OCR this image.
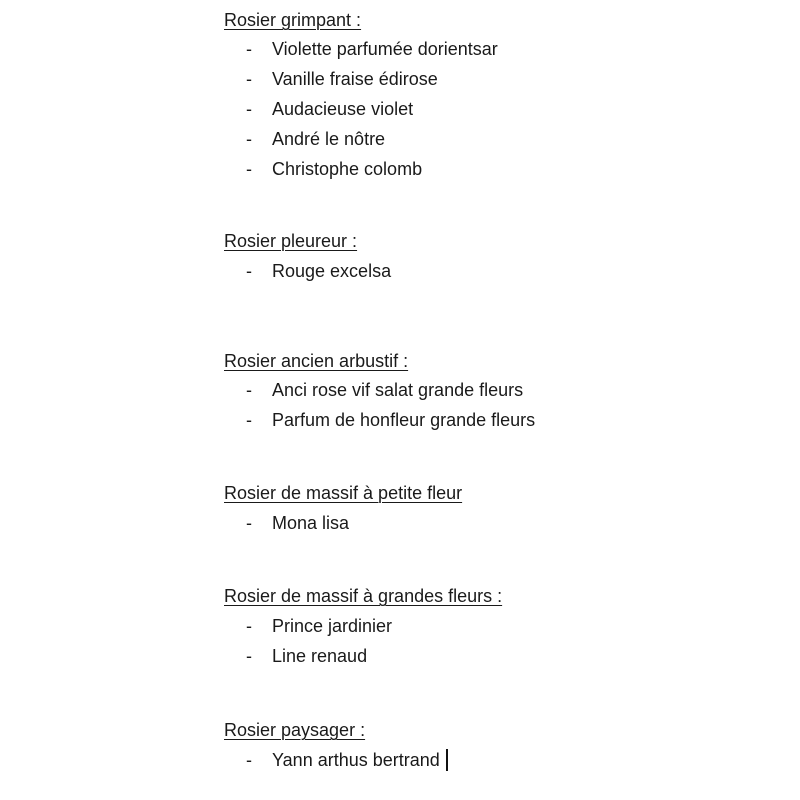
Rosier grimpant :
- Violette parfumée dorientsar
- Vanille fraise édirose
- Audacieuse violet
- André le nôtre
- Christophe colomb
Rosier pleureur :
- Rouge excelsa
Rosier ancien arbustif :
- Anci rose vif salat grande fleurs
- Parfum de honfleur grande fleurs
Rosier de massif à petite fleur
- Mona lisa
Rosier de massif à grandes fleurs :
- Prince jardinier
- Line renaud
Rosier paysager :
- Yann arthus bertrand
